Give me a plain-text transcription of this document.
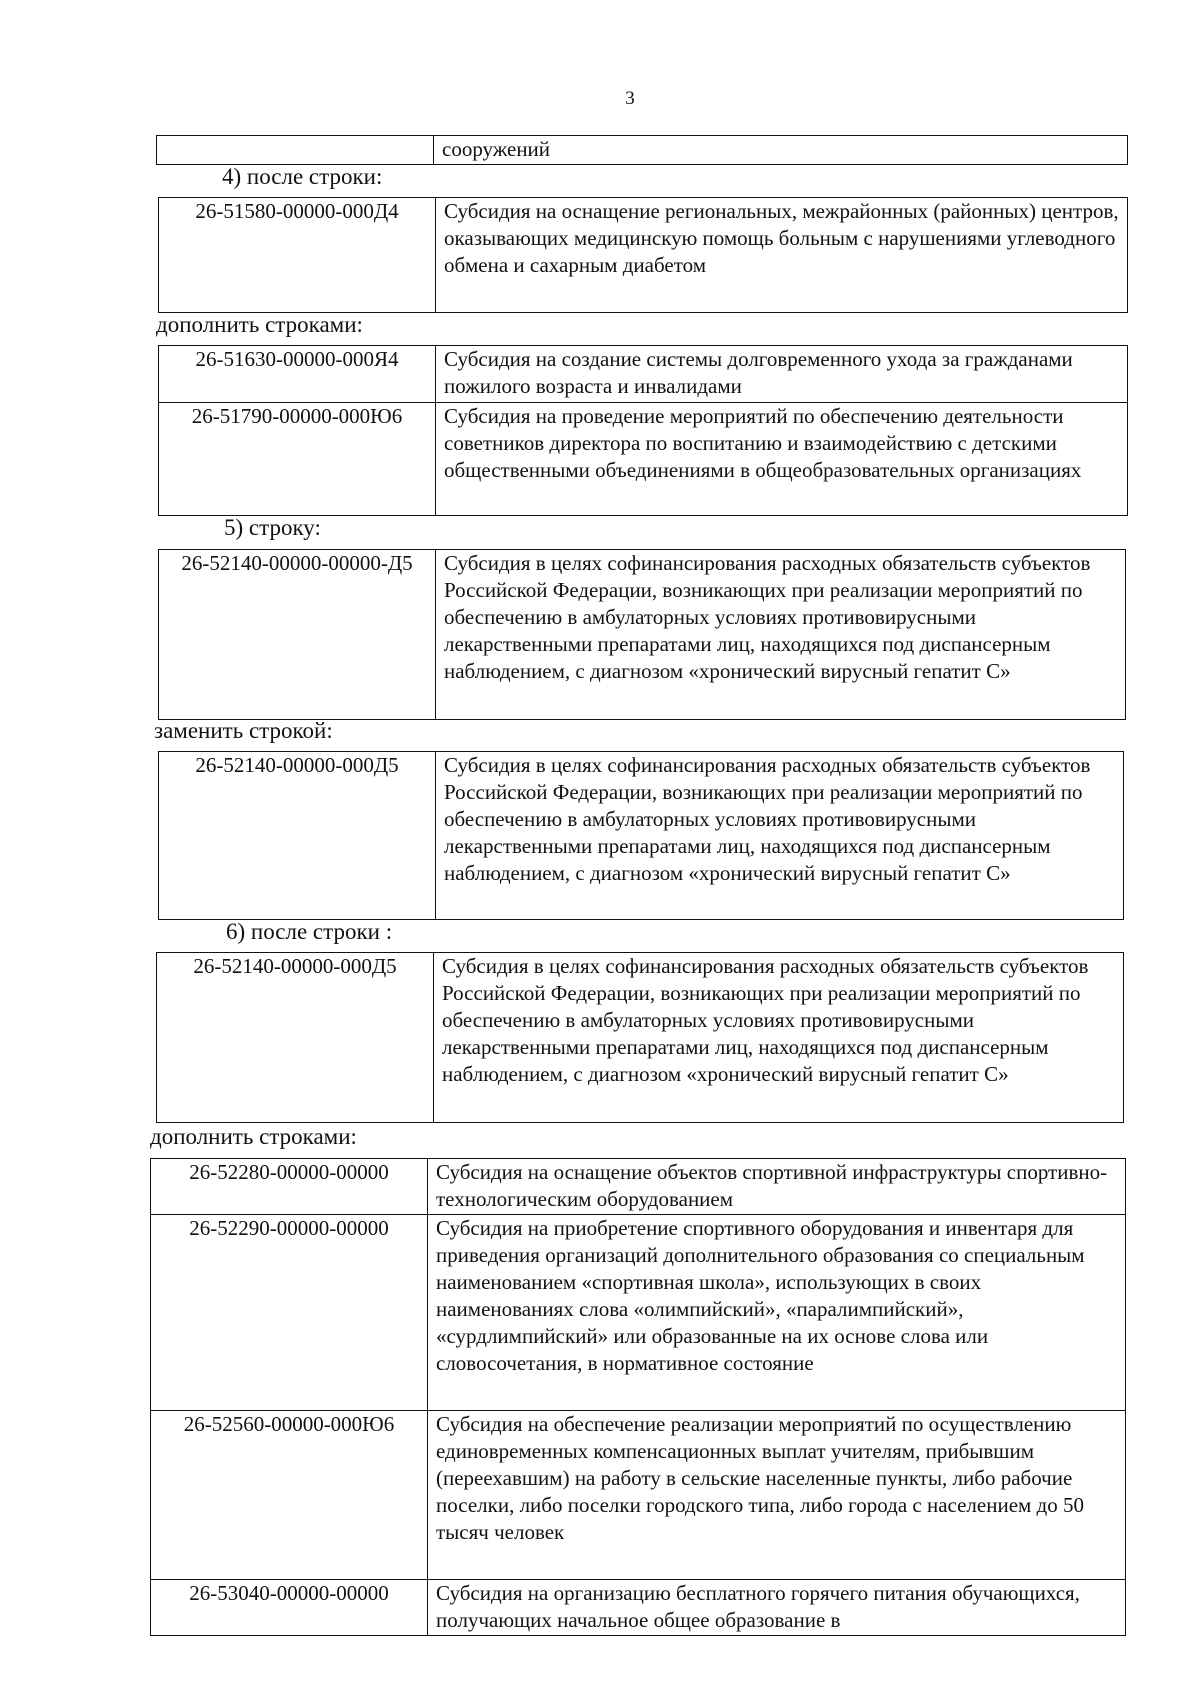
3
	сооружений
4) после строки:
26-51580-00000-000Д4	Субсидия на оснащение региональных, межрайонных (районных) центров, оказывающих медицинскую помощь больным с нарушениями углеводного обмена и сахарным диабетом
дополнить строками:
26-51630-00000-000Я4	Субсидия на создание системы долговременного ухода за гражданами пожилого возраста и инвалидами
26-51790-00000-000Ю6	Субсидия на проведение мероприятий по обеспечению деятельности советников директора по воспитанию и взаимодействию с детскими общественными объединениями в общеобразовательных организациях
5) строку:
26-52140-00000-00000-Д5	Субсидия в целях софинансирования расходных обязательств субъектов Российской Федерации, возникающих при реализации мероприятий по обеспечению в амбулаторных условиях противовирусными лекарственными препаратами лиц, находящихся под диспансерным наблюдением, с диагнозом «хронический вирусный гепатит С»
заменить строкой:
26-52140-00000-000Д5	Субсидия в целях софинансирования расходных обязательств субъектов Российской Федерации, возникающих при реализации мероприятий по обеспечению в амбулаторных условиях противовирусными лекарственными препаратами лиц, находящихся под диспансерным наблюдением, с диагнозом «хронический вирусный гепатит С»
6) после строки :
26-52140-00000-000Д5	Субсидия в целях софинансирования расходных обязательств субъектов Российской Федерации, возникающих при реализации мероприятий по обеспечению в амбулаторных условиях противовирусными лекарственными препаратами лиц, находящихся под диспансерным наблюдением, с диагнозом «хронический вирусный гепатит С»
дополнить строками:
26-52280-00000-00000	Субсидия на оснащение объектов спортивной инфраструктуры спортивно-технологическим оборудованием
26-52290-00000-00000	Субсидия на приобретение спортивного оборудования и инвентаря для приведения организаций дополнительного образования со специальным наименованием «спортивная школа», использующих в своих наименованиях слова «олимпийский», «паралимпийский», «сурдлимпийский» или образованные на их основе слова или словосочетания, в нормативное состояние
26-52560-00000-000Ю6	Субсидия на обеспечение реализации мероприятий по осуществлению единовременных компенсационных выплат учителям, прибывшим (переехавшим) на работу в сельские населенные пункты, либо рабочие поселки, либо поселки городского типа, либо города с населением до 50 тысяч человек
26-53040-00000-00000	Субсидия на организацию бесплатного горячего питания обучающихся, получающих начальное общее образование в
